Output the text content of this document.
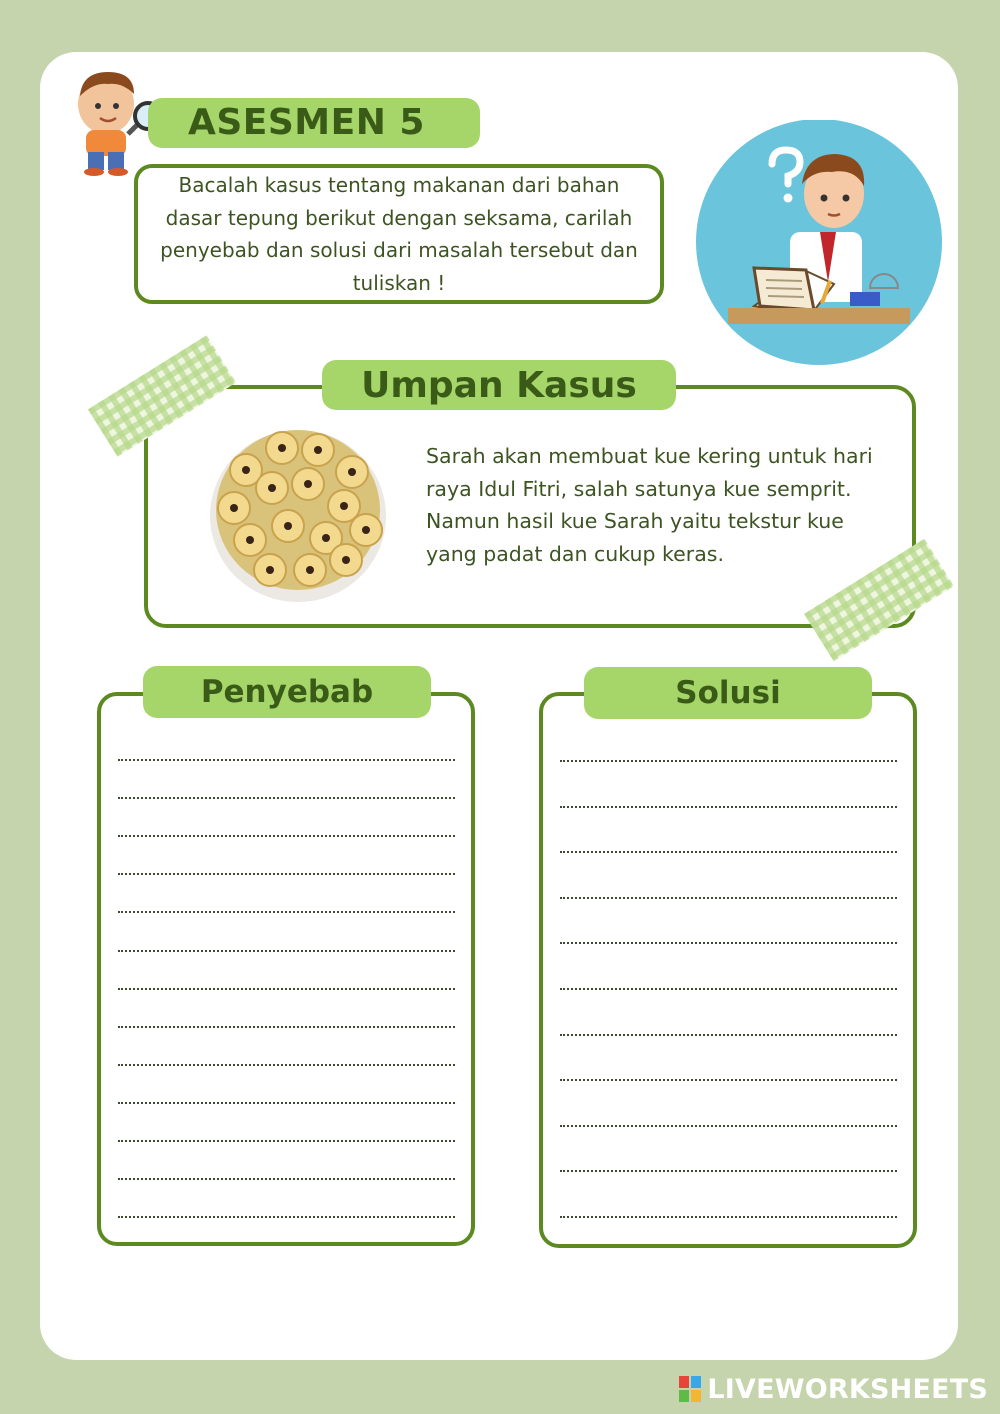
ASESMEN 5
Bacalah kasus tentang makanan dari bahan dasar tepung berikut dengan seksama, carilah penyebab dan solusi dari masalah tersebut dan tuliskan !
Umpan Kasus
Sarah akan membuat kue kering untuk hari raya Idul Fitri, salah satunya kue semprit. Namun hasil kue Sarah yaitu tekstur kue yang padat dan cukup keras.
Penyebab	Solusi
LIVEWORKSHEETS
